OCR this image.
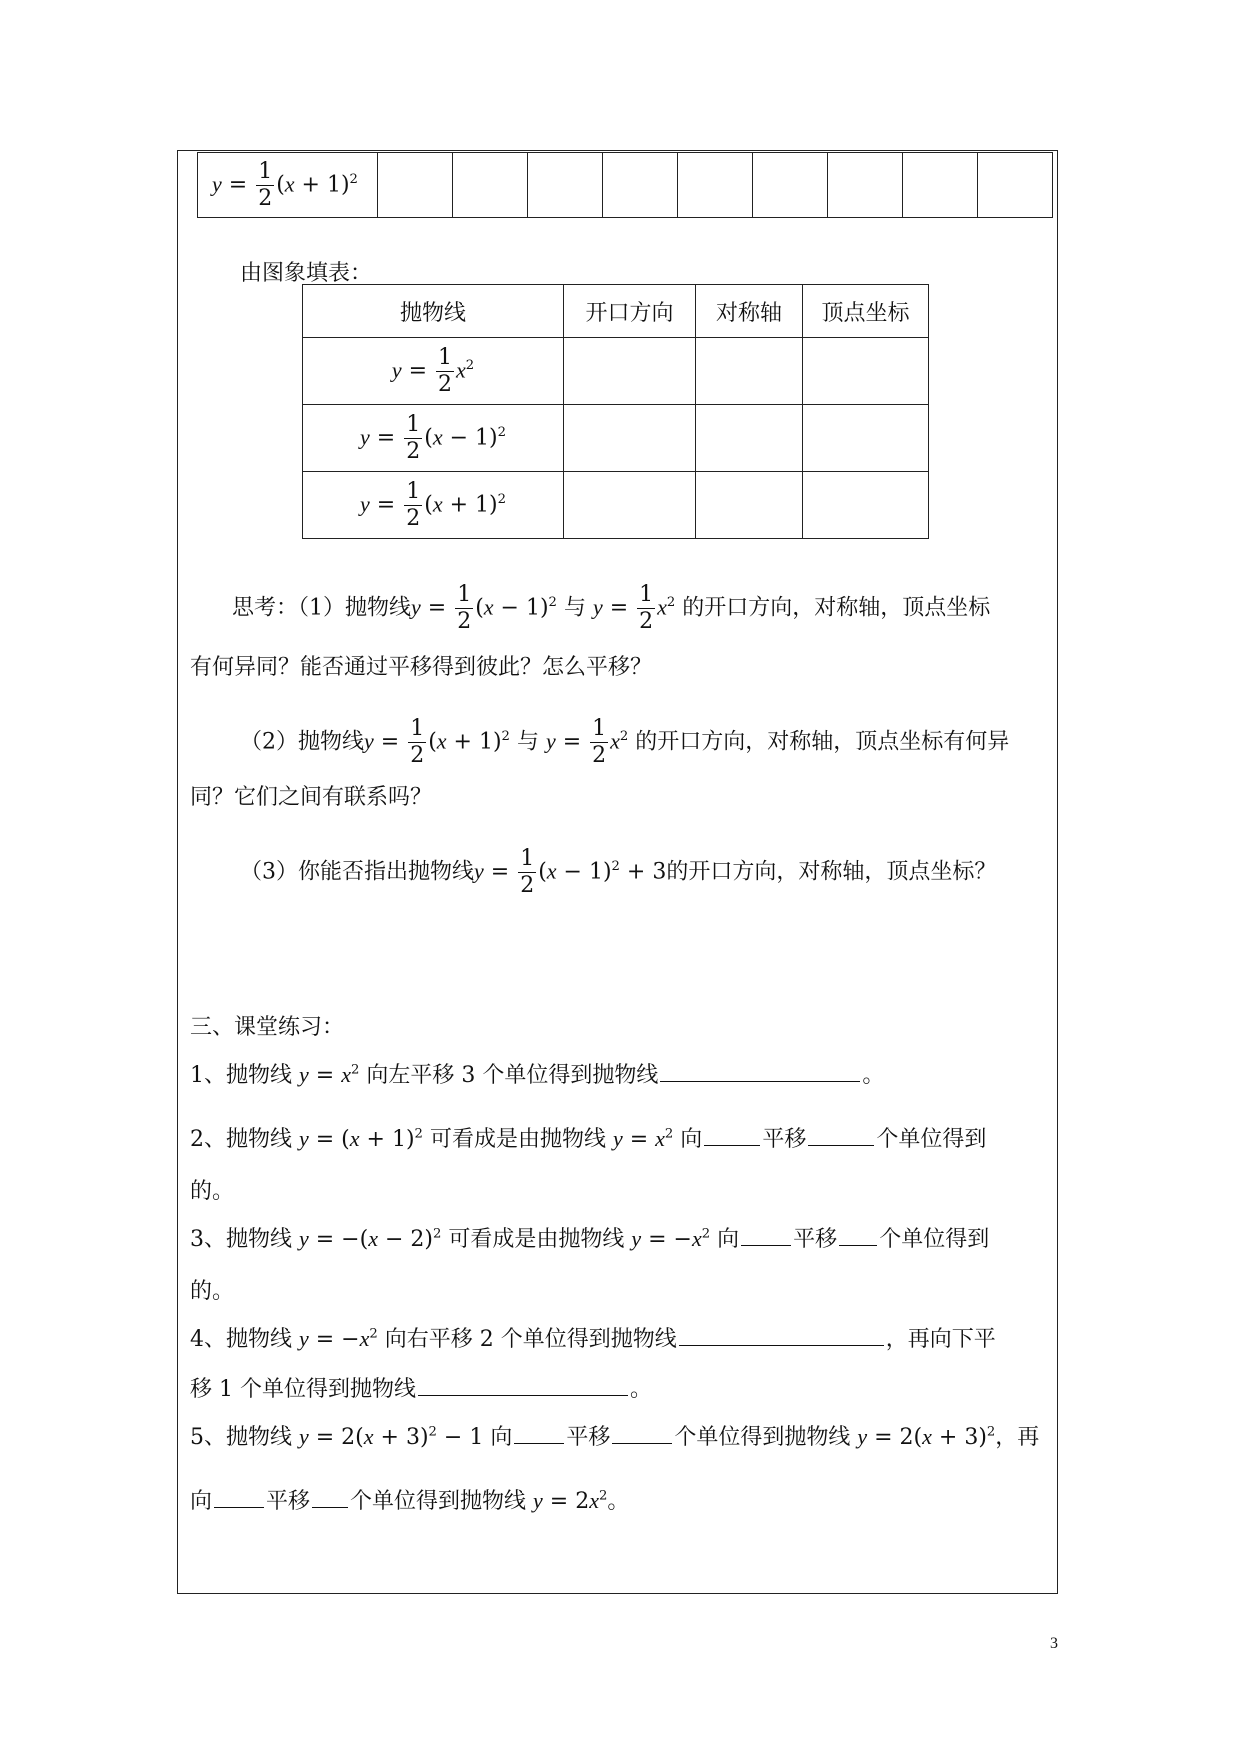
$y = \frac{1}{2} (x + 1)^2$									
由图象填表：
抛物线	开口方向	对称轴	顶点坐标
$y = \frac{1}{2} x^2$			
$y = \frac{1}{2} (x - 1)^2$			
$y = \frac{1}{2} (x + 1)^2$			
思考：（1）抛物线$y = \frac{1}{2} (x - 1)^2$ 与 $y = \frac{1}{2} x^2$ 的开口方向，对称轴，顶点坐标
有何异同？能否通过平移得到彼此？怎么平移？
（2）抛物线$y = \frac{1}{2} (x + 1)^2$ 与 $y = \frac{1}{2} x^2$ 的开口方向，对称轴，顶点坐标有何异
同？它们之间有联系吗？
（3）你能否指出抛物线$y = \frac{1}{2} (x - 1)^2 + 3$的开口方向，对称轴，顶点坐标？
三、课堂练习：
1、抛物线 $y = x^2$ 向左平移 3 个单位得到抛物线	。
2、抛物线 $y = (x + 1)^2$ 可看成是由抛物线 $y = x^2$ 向	平移	个单位得到
的。
3、抛物线 $y = -(x - 2)^2$ 可看成是由抛物线 $y = -x^2$ 向 平移 个单位得到
的。
4、抛物线 $y = -x^2$ 向右平移 2 个单位得到抛物线	，再向下平
移 1 个单位得到抛物线	。
5、抛物线 $y = 2(x + 3)^2 - 1$ 向 平移	个单位得到抛物线 $y = 2(x + 3)^2$，再
向 平移 个单位得到抛物线 $y = 2x^2$。
3
